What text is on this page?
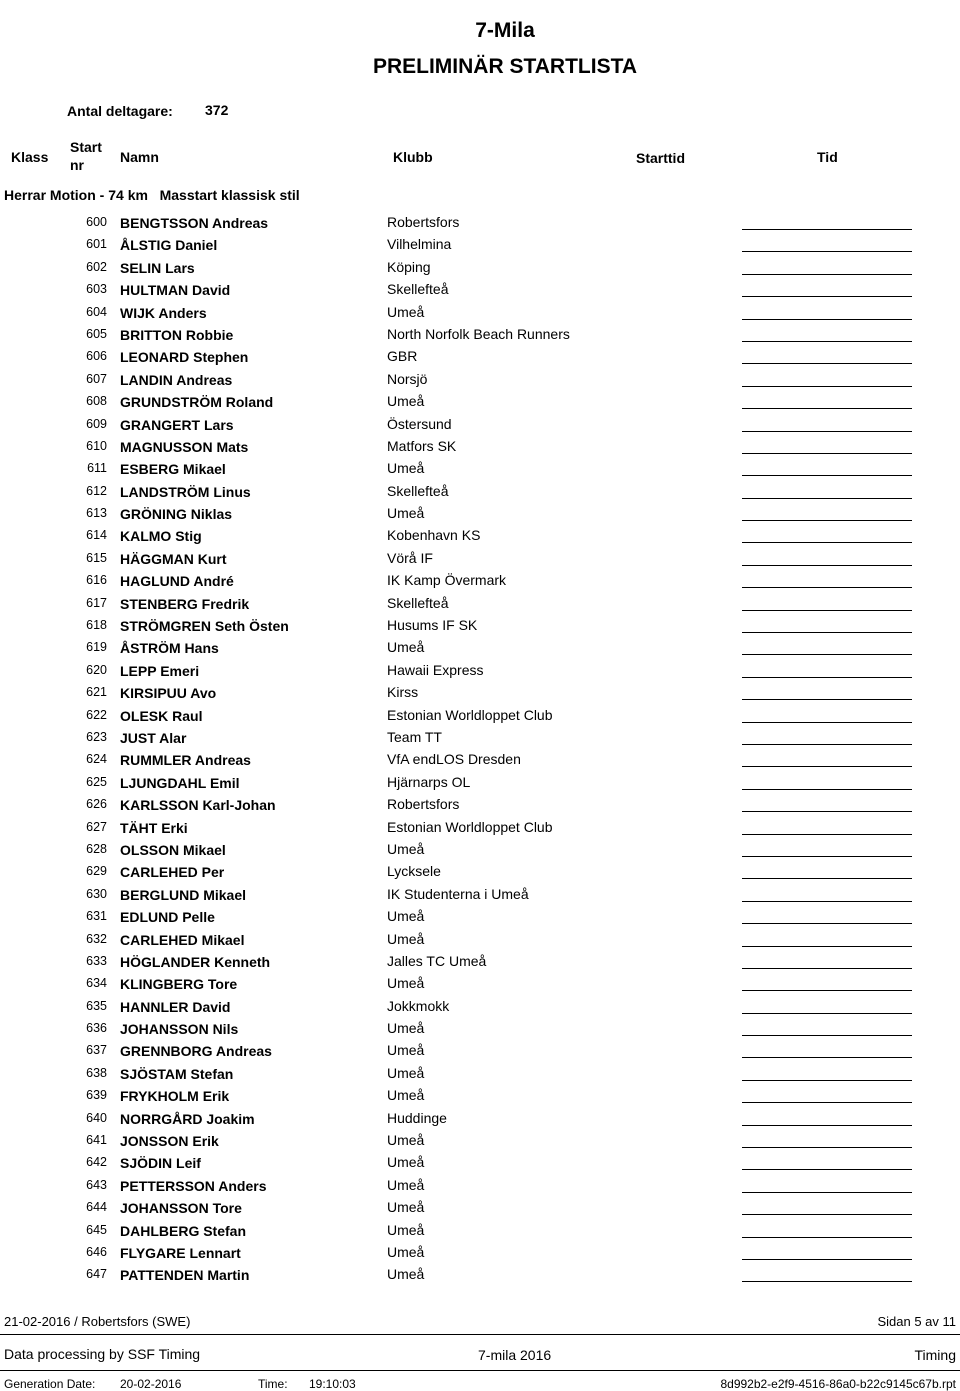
7-Mila
PRELIMINÄR STARTLISTA
Antal deltagare: 372
Klass
Start
nr	Namn	Klubb	Starttid	Tid
Herrar Motion - 74 km   Masstart klassisk stil
600 BENGTSSON Andreas	Robertsfors
601 ÅLSTIG Daniel	Vilhelmina
602 SELIN Lars	Köping
603 HULTMAN David	Skellefteå
604 WIJK Anders	Umeå
605 BRITTON Robbie	North Norfolk Beach Runners
606 LEONARD Stephen	GBR
607 LANDIN Andreas	Norsjö
608 GRUNDSTRÖM Roland	Umeå
609 GRANGERT Lars	Östersund
610 MAGNUSSON Mats	Matfors SK
611 ESBERG Mikael	Umeå
612 LANDSTRÖM Linus	Skellefteå
613 GRÖNING Niklas	Umeå
614 KALMO Stig	Kobenhavn KS
615 HÄGGMAN Kurt	Vörå IF
616 HAGLUND André	IK Kamp Övermark
617 STENBERG Fredrik	Skellefteå
618 STRÖMGREN Seth Östen	Husums IF SK
619 ÅSTRÖM Hans	Umeå
620 LEPP Emeri	Hawaii Express
621 KIRSIPUU Avo	Kirss
622 OLESK Raul	Estonian Worldloppet Club
623 JUST Alar	Team TT
624 RUMMLER Andreas	VfA endLOS Dresden
625 LJUNGDAHL Emil	Hjärnarps OL
626 KARLSSON Karl-Johan	Robertsfors
627 TÄHT Erki	Estonian Worldloppet Club
628 OLSSON Mikael	Umeå
629 CARLEHED Per	Lycksele
630 BERGLUND Mikael	IK Studenterna i Umeå
631 EDLUND Pelle	Umeå
632 CARLEHED Mikael	Umeå
633 HÖGLANDER Kenneth	Jalles TC Umeå
634 KLINGBERG Tore	Umeå
635 HANNLER David	Jokkmokk
636 JOHANSSON Nils	Umeå
637 GRENNBORG Andreas	Umeå
638 SJÖSTAM Stefan	Umeå
639 FRYKHOLM Erik	Umeå
640 NORRGÅRD Joakim	Huddinge
641 JONSSON Erik	Umeå
642 SJÖDIN Leif	Umeå
643 PETTERSSON Anders	Umeå
644 JOHANSSON Tore	Umeå
645 DAHLBERG Stefan	Umeå
646 FLYGARE Lennart	Umeå
647 PATTENDEN Martin	Umeå
21-02-2016 / Robertsfors (SWE)	Sidan 5 av 11
Data processing by SSF Timing	7-mila 2016	Timing
Generation Date: 20-02-2016	Time: 19:10:03	8d992b2-e2f9-4516-86a0-b22c9145c67b.rpt
